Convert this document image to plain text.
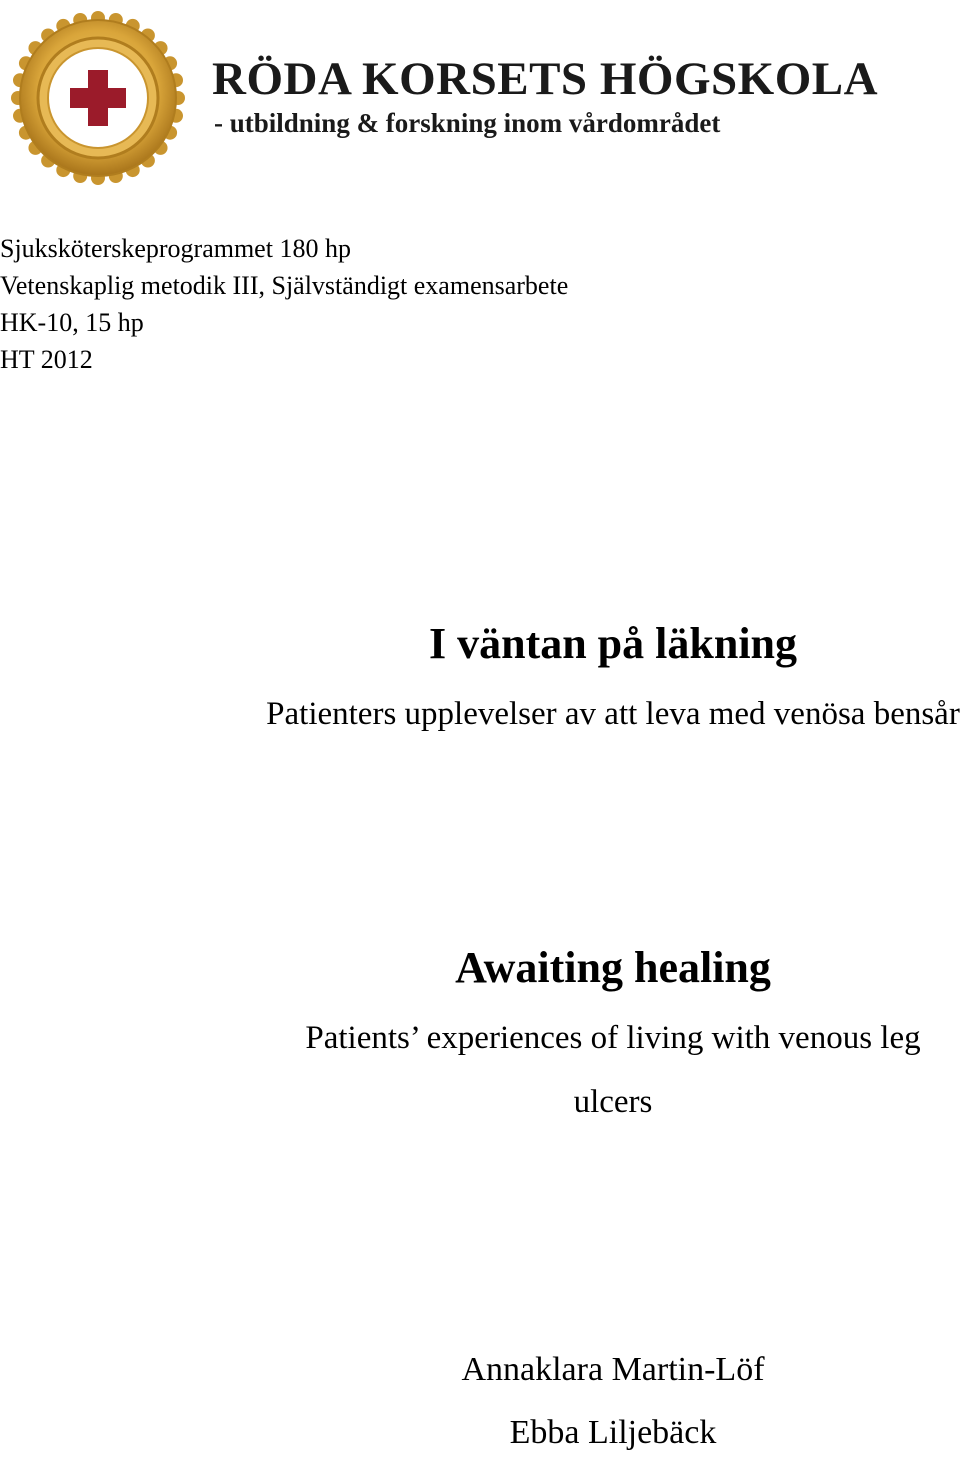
RÖDA KORSETS HÖGSKOLA
- utbildning & forskning inom vårdområdet
Sjuksköterskeprogrammet 180 hp
Vetenskaplig metodik III, Självständigt examensarbete
HK-10, 15 hp
HT 2012
I väntan på läkning
Patienters upplevelser av att leva med venösa bensår
Awaiting healing
Patients’ experiences of living with venous leg ulcers
Annaklara Martin-Löf
Ebba Liljebäck
